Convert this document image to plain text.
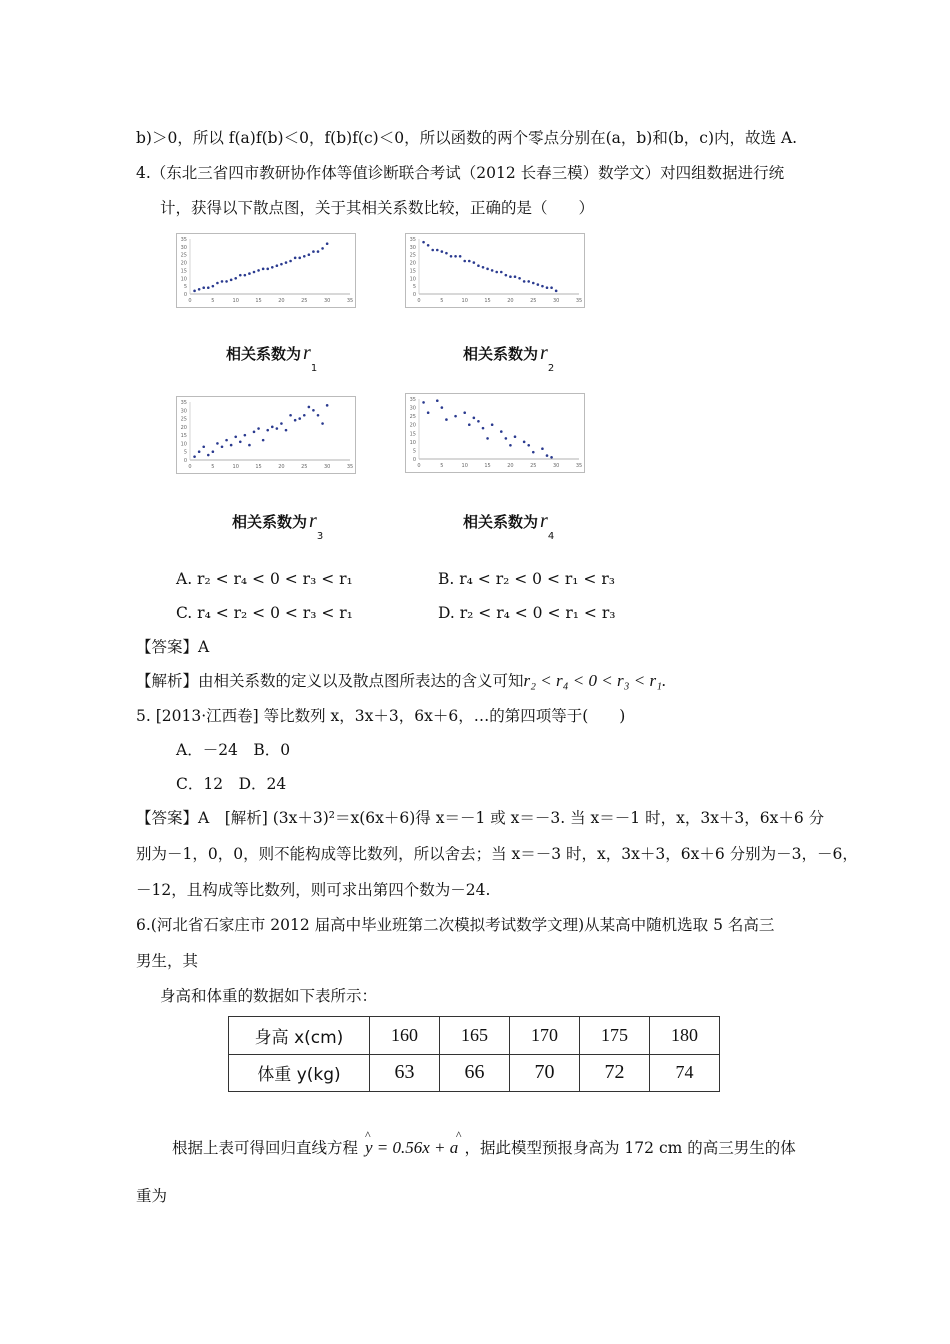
b)＞0，所以 f(a)f(b)＜0，f(b)f(c)＜0，所以函数的两个零点分别在(a，b)和(b，c)内，故选 A.
4.（东北三省四市教研协作体等值诊断联合考试（2012 长春三模）数学文）对四组数据进行统
计，获得以下散点图，关于其相关系数比较，正确的是（　　）
35
30
25
20
15
10
5
0
0	5	10	15	20	25	30	35
35
30
25
20
15
10
5
0
0	5	10	15	20	25	30	35
35
30
25
20
15
10
5
0
0	5	10	15	20	25	30	35
35
30
25
20
15
10
5
0
0	5	10	15	20	25	30	35
相关系数为 $r_1$
相关系数为 $r_2$
相关系数为 $r_3$
相关系数为 $r_4$
A. r₂ < r₄ < 0 < r₃ < r₁	B. r₄ < r₂ < 0 < r₁ < r₃
C. r₄ < r₂ < 0 < r₃ < r₁	D. r₂ < r₄ < 0 < r₁ < r₃
【答案】A
【解析】由相关系数的定义以及散点图所表达的含义可知r₂ < r₄ < 0 < r₃ < r₁.
5. [2013·江西卷] 等比数列 x，3x＋3，6x＋6，…的第四项等于(　　)
A．－24　B．0
C．12　D．24
【答案】A　[解析] (3x＋3)²＝x(6x＋6)得 x＝－1 或 x＝－3. 当 x＝－1 时，x，3x＋3，6x＋6 分
别为－1，0，0，则不能构成等比数列，所以舍去；当 x＝－3 时，x，3x＋3，6x＋6 分别为－3，－6，
－12，且构成等比数列，则可求出第四个数为－24.
6.(河北省石家庄市 2012 届高中毕业班第二次模拟考试数学文理)从某高中随机选取 5 名高三
男生，其
身高和体重的数据如下表所示：
身高 x(cm)	160	165	170	175	180
体重 y(kg)	63	66	70	72	74
根据上表可得回归直线方程
^	^
y = 0.56x + a ，据此模型预报身高为 172 cm 的高三男生的体
重为
